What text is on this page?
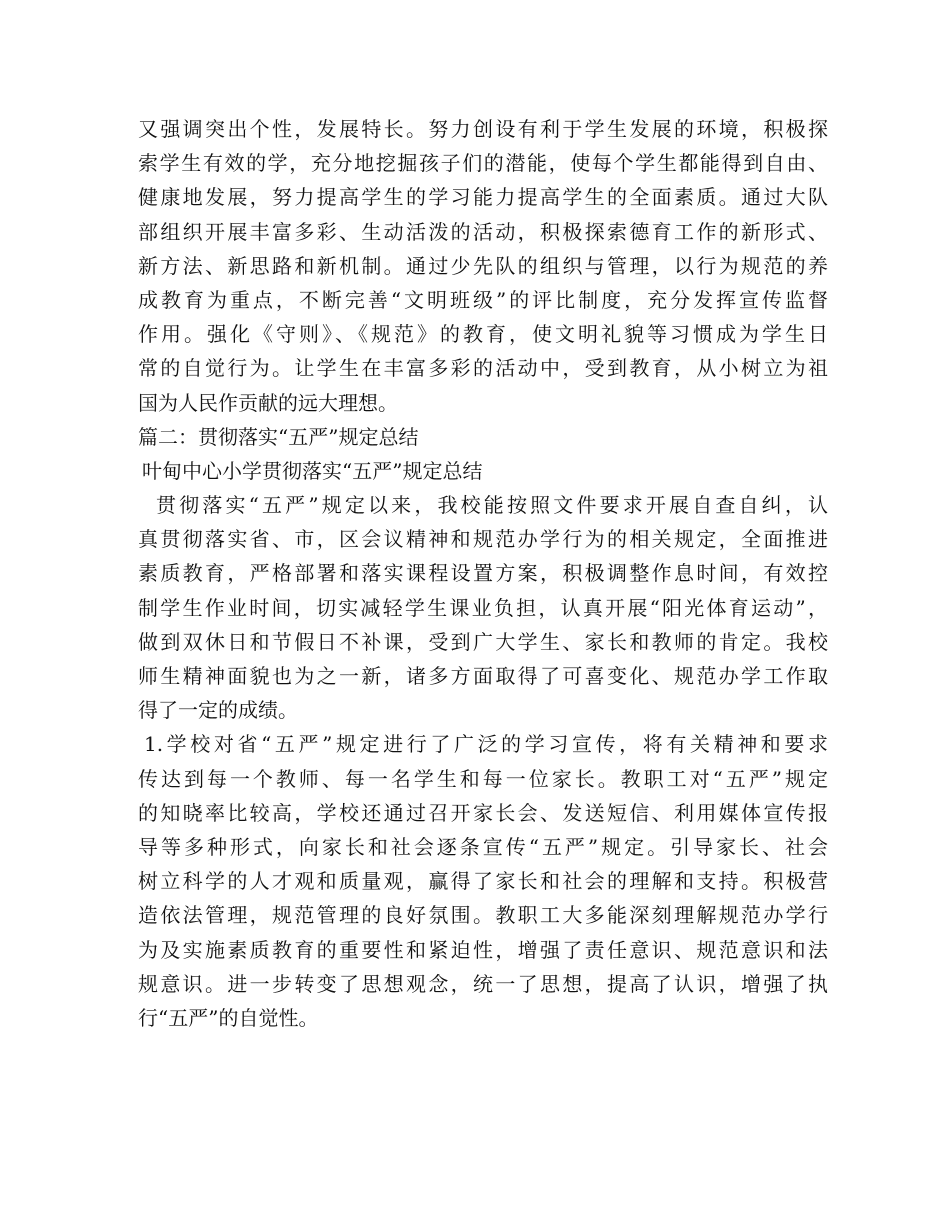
又强调突出个性，发展特长。努力创设有利于学生发展的环境，积极探
索学生有效的学，充分地挖掘孩子们的潜能，使每个学生都能得到自由、
健康地发展，努力提高学生的学习能力提高学生的全面素质。通过大队
部组织开展丰富多彩、生动活泼的活动，积极探索德育工作的新形式、
新方法、新思路和新机制。通过少先队的组织与管理，以行为规范的养
成教育为重点，不断完善“文明班级”的评比制度，充分发挥宣传监督
作用。强化《守则》、《规范》的教育，使文明礼貌等习惯成为学生日
常的自觉行为。让学生在丰富多彩的活动中，受到教育，从小树立为祖
国为人民作贡献的远大理想。
篇二：贯彻落实“五严”规定总结
叶甸中心小学贯彻落实“五严”规定总结
贯彻落实“五严”规定以来，我校能按照文件要求开展自查自纠，认
真贯彻落实省、市，区会议精神和规范办学行为的相关规定，全面推进
素质教育，严格部署和落实课程设置方案，积极调整作息时间，有效控
制学生作业时间，切实减轻学生课业负担，认真开展“阳光体育运动”，
做到双休日和节假日不补课，受到广大学生、家长和教师的肯定。我校
师生精神面貌也为之一新，诸多方面取得了可喜变化、规范办学工作取
得了一定的成绩。
1.学校对省“五严”规定进行了广泛的学习宣传，将有关精神和要求
传达到每一个教师、每一名学生和每一位家长。教职工对“五严”规定
的知晓率比较高，学校还通过召开家长会、发送短信、利用媒体宣传报
导等多种形式，向家长和社会逐条宣传“五严”规定。引导家长、社会
树立科学的人才观和质量观，赢得了家长和社会的理解和支持。积极营
造依法管理，规范管理的良好氛围。教职工大多能深刻理解规范办学行
为及实施素质教育的重要性和紧迫性，增强了责任意识、规范意识和法
规意识。进一步转变了思想观念，统一了思想，提高了认识，增强了执
行“五严”的自觉性。
